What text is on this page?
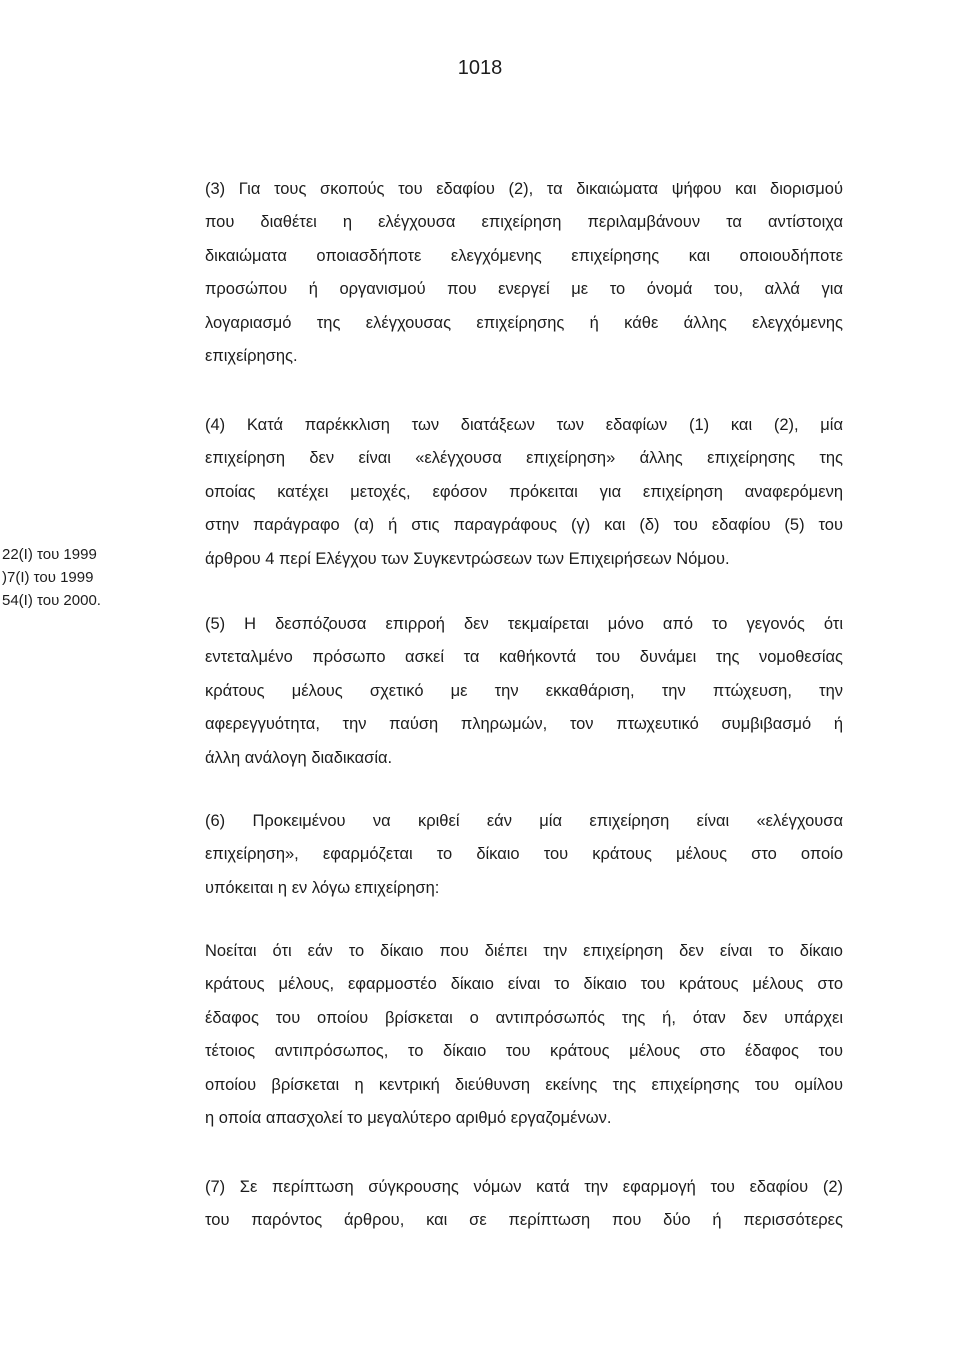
1018
22(I) του 1999
)7(I) του 1999
54(I) του 2000.
(3) Για τους σκοπούς του εδαφίου (2), τα δικαιώματα ψήφου και διορισμού
που διαθέτει η ελέγχουσα επιχείρηση περιλαμβάνουν τα αντίστοιχα
δικαιώματα οποιασδήποτε ελεγχόμενης επιχείρησης και οποιουδήποτε
προσώπου ή οργανισμού που ενεργεί με το όνομά του, αλλά για
λογαριασμό της ελέγχουσας επιχείρησης ή κάθε άλλης ελεγχόμενης
επιχείρησης.
(4) Κατά παρέκκλιση των διατάξεων των εδαφίων (1) και (2), μία
επιχείρηση δεν είναι «ελέγχουσα επιχείρηση» άλλης επιχείρησης της
οποίας κατέχει μετοχές, εφόσον πρόκειται για επιχείρηση αναφερόμενη
στην παράγραφο (α) ή στις παραγράφους (γ) και (δ) του εδαφίου (5) του
άρθρου 4 περί Ελέγχου των Συγκεντρώσεων των Επιχειρήσεων Νόμου.
(5) Η δεσπόζουσα επιρροή δεν τεκμαίρεται μόνο από το γεγονός ότι
εντεταλμένο πρόσωπο ασκεί τα καθήκοντά του δυνάμει της νομοθεσίας
κράτους μέλους σχετικό με την εκκαθάριση, την πτώχευση, την
αφερεγγυότητα, την παύση πληρωμών, τον πτωχευτικό συμβιβασμό ή
άλλη ανάλογη διαδικασία.
(6) Προκειμένου να κριθεί εάν μία επιχείρηση είναι «ελέγχουσα
επιχείρηση», εφαρμόζεται το δίκαιο του κράτους μέλους στο οποίο
υπόκειται η εν λόγω επιχείρηση:
Νοείται ότι εάν το δίκαιο που διέπει την επιχείρηση δεν είναι το δίκαιο
κράτους μέλους, εφαρμοστέο δίκαιο είναι το δίκαιο του κράτους μέλους στο
έδαφος του οποίου βρίσκεται ο αντιπρόσωπός της ή, όταν δεν υπάρχει
τέτοιος αντιπρόσωπος, το δίκαιο του κράτους μέλους στο έδαφος του
οποίου βρίσκεται η κεντρική διεύθυνση εκείνης της επιχείρησης του ομίλου
η οποία απασχολεί το μεγαλύτερο αριθμό εργαζομένων.
(7) Σε περίπτωση σύγκρουσης νόμων κατά την εφαρμογή του εδαφίου (2)
του παρόντος άρθρου, και σε περίπτωση που δύο ή περισσότερες
